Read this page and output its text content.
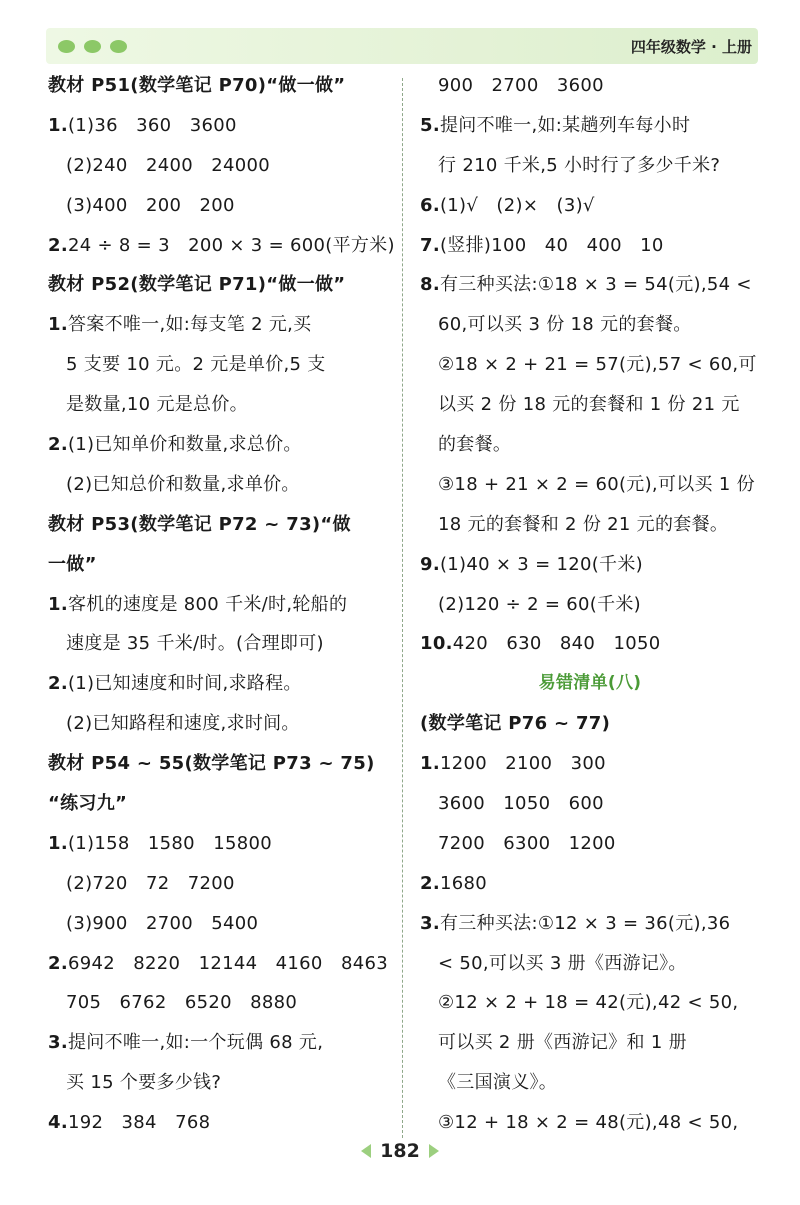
四年级数学 · 上册
教材 P51(数学笔记 P70)“做一做”
1.(1)36　360　3600
(2)240　2400　24000
(3)400　200　200
2.24 ÷ 8 = 3　200 × 3 = 600(平方米)
教材 P52(数学笔记 P71)“做一做”
1.答案不唯一,如:每支笔 2 元,买
5 支要 10 元。2 元是单价,5 支
是数量,10 元是总价。
2.(1)已知单价和数量,求总价。
(2)已知总价和数量,求单价。
教材 P53(数学笔记 P72 ~ 73)“做
一做”
1.客机的速度是 800 千米/时,轮船的
速度是 35 千米/时。(合理即可)
2.(1)已知速度和时间,求路程。
(2)已知路程和速度,求时间。
教材 P54 ~ 55(数学笔记 P73 ~ 75)
“练习九”
1.(1)158　1580　15800
(2)720　72　7200
(3)900　2700　5400
2.6942　8220　12144　4160　8463
705　6762　6520　8880
3.提问不唯一,如:一个玩偶 68 元,
买 15 个要多少钱?
4.192　384　768
900　2700　3600
5.提问不唯一,如:某趟列车每小时
行 210 千米,5 小时行了多少千米?
6.(1)√　(2)×　(3)√
7.(竖排)100　40　400　10
8.有三种买法:①18 × 3 = 54(元),54 <
60,可以买 3 份 18 元的套餐。
②18 × 2 + 21 = 57(元),57 < 60,可
以买 2 份 18 元的套餐和 1 份 21 元
的套餐。
③18 + 21 × 2 = 60(元),可以买 1 份
18 元的套餐和 2 份 21 元的套餐。
9.(1)40 × 3 = 120(千米)
(2)120 ÷ 2 = 60(千米)
10.420　630　840　1050
易错清单(八)
(数学笔记 P76 ~ 77)
1.1200　2100　300
3600　1050　600
7200　6300　1200
2.1680
3.有三种买法:①12 × 3 = 36(元),36
< 50,可以买 3 册《西游记》。
②12 × 2 + 18 = 42(元),42 < 50,
可以买 2 册《西游记》和 1 册
《三国演义》。
③12 + 18 × 2 = 48(元),48 < 50,
182
